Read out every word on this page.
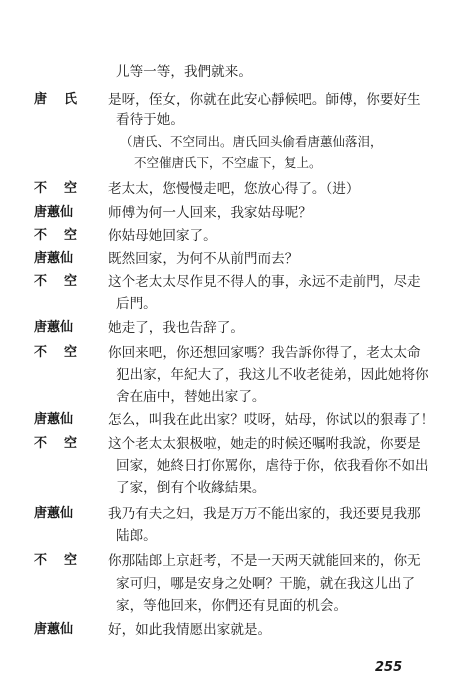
儿等一等，我們就来。
唐氏 是呀，侄女，你就在此安心靜候吧。師傅，你要好生
看待于她。
（唐氏、不空同出。唐氏回头偷看唐蕙仙落泪，
不空催唐氏下，不空虛下，复上。
不空 老太太，您慢慢走吧，您放心得了。（进）
唐蕙仙	师傅为何一人回来，我家姑母呢？
不空 你姑母她回家了。
唐蕙仙	既然回家，为何不从前門而去？
不空 这个老太太尽作見不得人的事，永远不走前門，尽走
后門。
唐蕙仙	她走了，我也告辞了。
不空 你回来吧，你还想回家嗎？我告訴你得了，老太太命
犯出家，年紀大了，我这儿不收老徒弟，因此她将你
舍在庙中，替她出家了。
唐蕙仙	怎么，叫我在此出家？哎呀，姑母，你试以的狠毒了！
不空 这个老太太狠极啦，她走的时候还嘱咐我說，你要是
回家，她終日打你罵你，虐待于你，依我看你不如出
了家，倒有个收緣結果。
唐蕙仙	我乃有夫之妇，我是万万不能出家的，我还要見我那
陆郎。
不空 你那陆郎上京赶考，不是一天两天就能回来的，你无
家可归，哪是安身之处啊？干脆，就在我这儿出了
家，等他回来，你們还有見面的机会。
唐蕙仙	好，如此我情愿出家就是。
255
